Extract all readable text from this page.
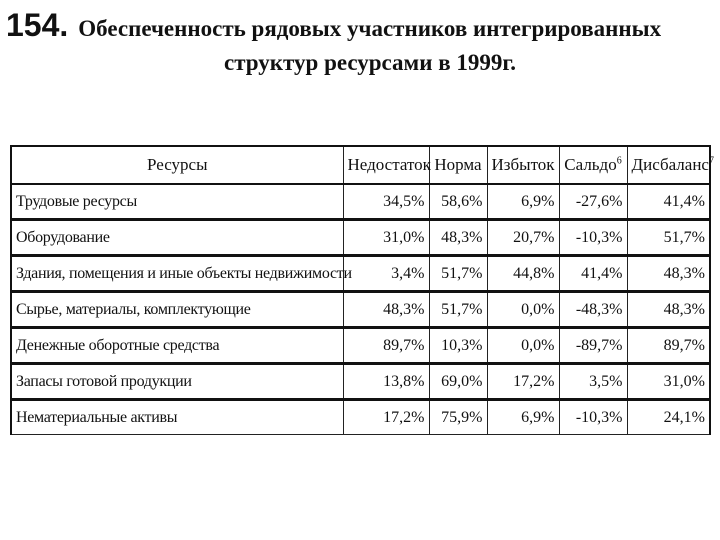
154. Обеспеченность рядовых участников интегрированных
структур ресурсами в 1999г.
Ресурсы	Недостаток	Норма	Избыток	Сальдо$^6$	Дисбаланс$^7$
Трудовые ресурсы	34,5%	58,6%	6,9%	-27,6%	41,4%
Оборудование	31,0%	48,3%	20,7%	-10,3%	51,7%
Здания, помещения и иные объекты недвижимости	3,4%	51,7%	44,8%	41,4%	48,3%
Сырье, материалы, комплектующие	48,3%	51,7%	0,0%	-48,3%	48,3%
Денежные оборотные средства	89,7%	10,3%	0,0%	-89,7%	89,7%
Запасы готовой продукции	13,8%	69,0%	17,2%	3,5%	31,0%
Нематериальные активы	17,2%	75,9%	6,9%	-10,3%	24,1%
